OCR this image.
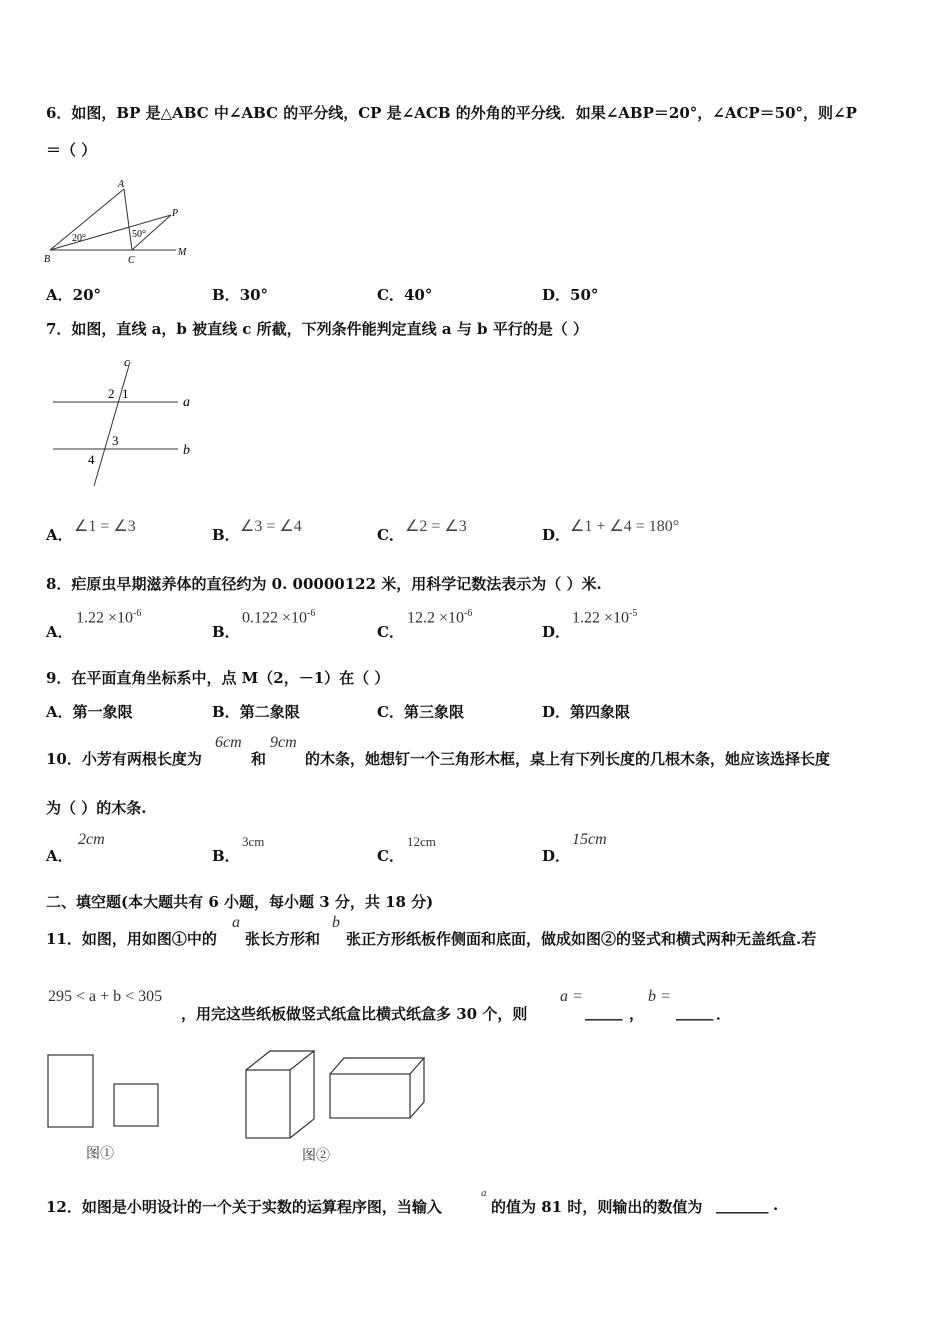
6．如图，BP 是△ABC 中∠ABC 的平分线，CP 是∠ACB 的外角的平分线．如果∠ABP＝20°，∠ACP＝50°，则∠P
＝（ ）
A
B	C
P
M
20°	50°
A．20°	B．30°	C．40°	D．50°
7．如图，直线 a，b 被直线 c 所截，下列条件能判定直线 a 与 b 平行的是（ ）
c
a
b
2 1
3
4
A． ∠1 = ∠3	B． ∠3 = ∠4	C． ∠2 = ∠3	D． ∠1 + ∠4 = 180°
8．疟原虫早期滋养体的直径约为 0. 00000122 米，用科学记数法表示为（ ）米.
A．
$1.22 \times 10^{-6}$
B．
$0.122 \times 10^{-6}$
C．
$12.2 \times 10^{-6}$
D．
$1.22 \times 10^{-5}$
9．在平面直角坐标系中，点 M（2，－1）在（ ）
A．第一象限	B．第二象限	C．第三象限	D．第四象限
10．小芳有两根长度为
6cm
和
9cm
的木条，她想钉一个三角形木框，桌上有下列长度的几根木条，她应该选择长度
为（ ）的木条.
A．
2cm
B．
3cm
C．
12cm
D．
15cm
二、填空题(本大题共有 6 小题，每小题 3 分，共 18 分)
11．如图，用如图①中的
a
张长方形和
b
张正方形纸板作侧面和底面，做成如图②的竖式和横式两种无盖纸盒.若
295 < a + b < 305
，用完这些纸板做竖式纸盒比横式纸盒多 30 个，则
a =
_____ ，
b =
_____ ．
图①	图②
12．如图是小明设计的一个关于实数的运算程序图，当输入
a
的值为 81 时，则输出的数值为 _______ .
